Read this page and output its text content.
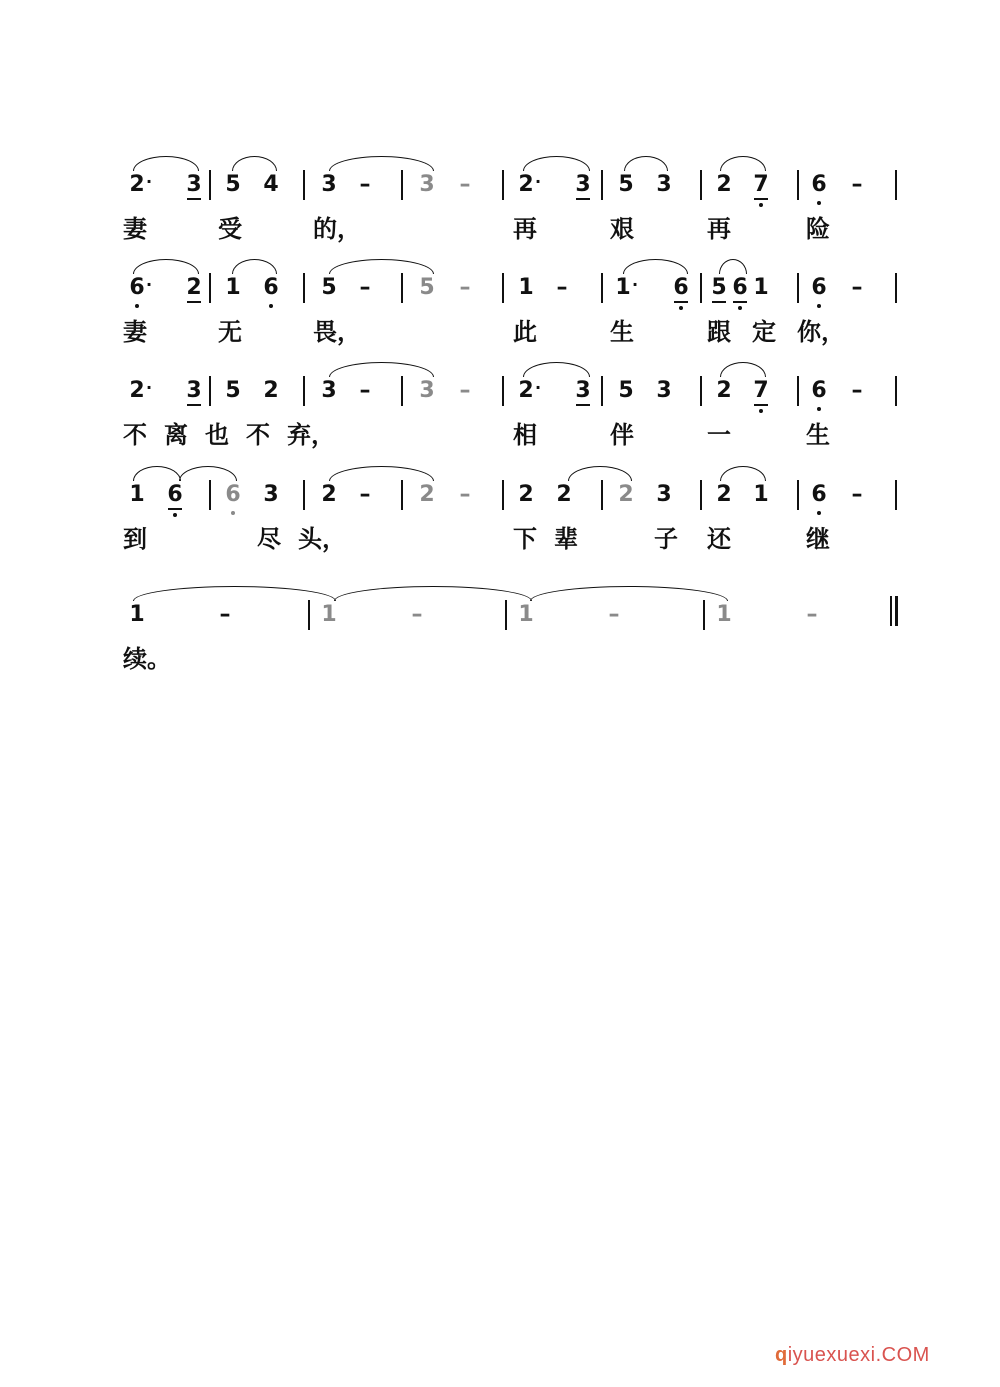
2 · 3 5 4 3 – 3 – 2 · 3 5 3 2 7 6 –
妻	受	的，	再	艰	再	险
6 · 2 1 6 5 – 5 – 1 – 1 · 6 5 6 1 6 –
妻	无	畏，	此	生	跟 定 你，
2 · 3 5 2 3 – 3 – 2 · 3 5 3 2 7 6 –
不 离 也 不 弃，	相	伴	一	生
1 6 6 3 2 – 2 – 2 2 2 3 2 1 6 –
到	尽 头，	下 辈	子 还	继
1	–	1	–	1	–	1	–
续。
qiyuexuexi.COM
